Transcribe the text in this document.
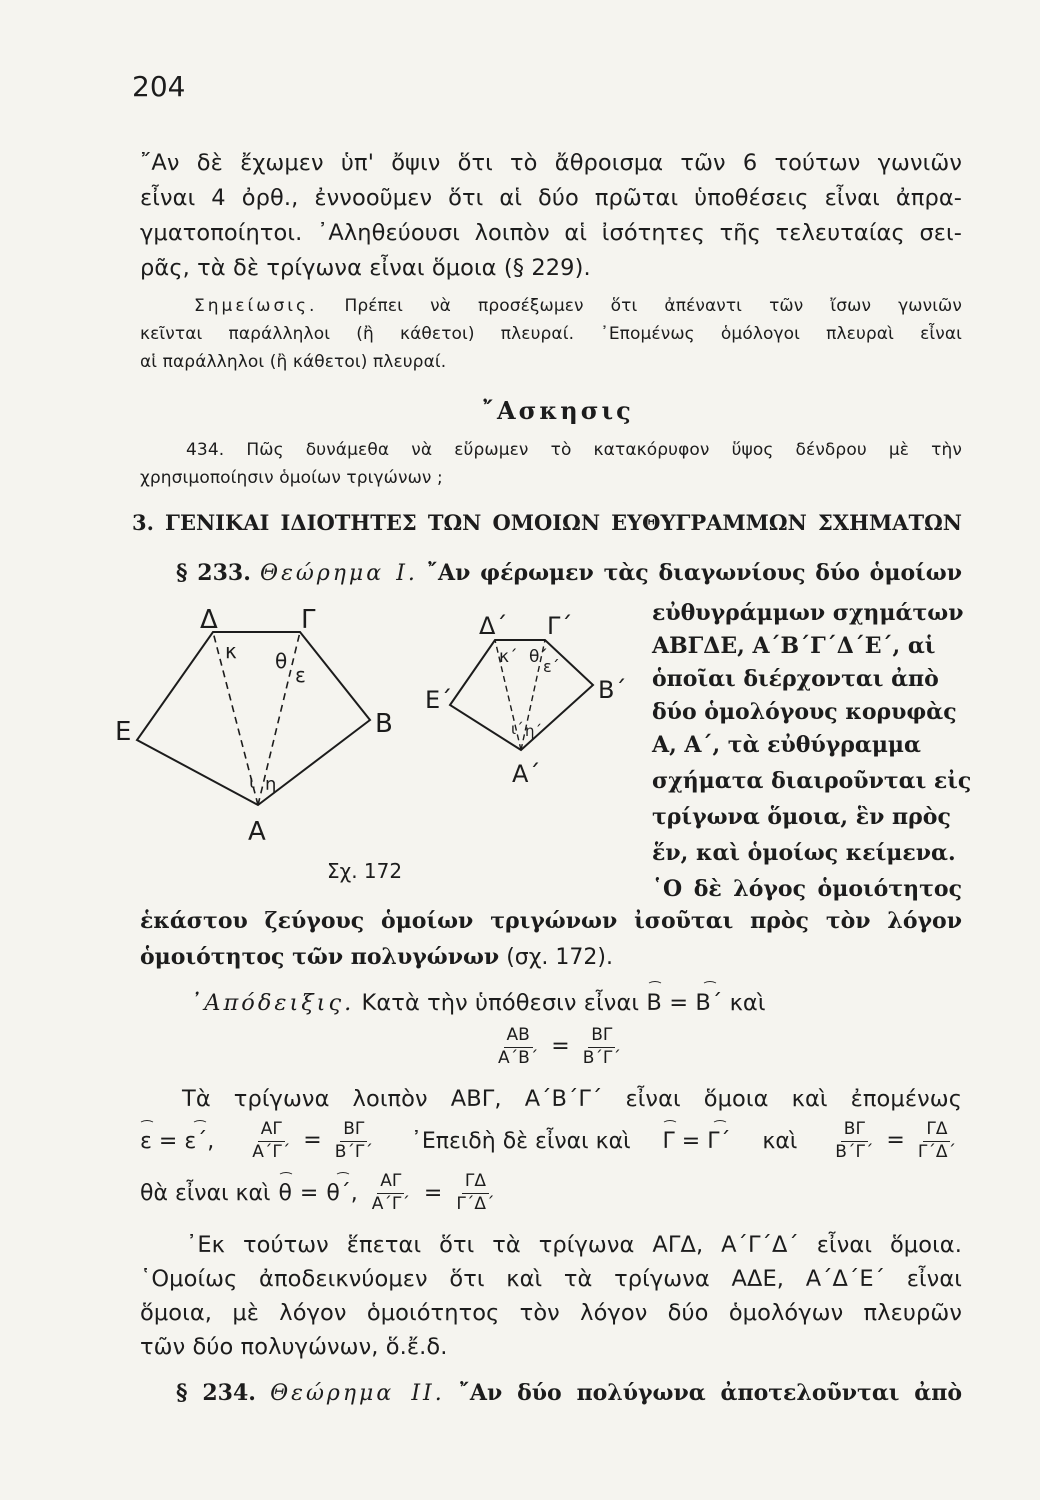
204
῎Αν δὲ ἔχωμεν ὑπ' ὄψιν ὅτι τὸ ἄθροισμα τῶν 6 τούτων γωνιῶν
εἶναι 4 ὀρθ., ἐννοοῦμεν ὅτι αἱ δύο πρῶται ὑποθέσεις εἶναι ἀπρα-
γματοποίητοι. ᾿Αληθεύουσι λοιπὸν αἱ ἰσότητες τῆς τελευταίας σει-
ρᾶς, τὰ δὲ τρίγωνα εἶναι ὅμοια (§ 229).
Σημείωσις. Πρέπει νὰ προσέξωμεν ὅτι ἀπέναντι τῶν ἴσων γωνιῶν
κεῖνται παράλληλοι (ἢ κάθετοι) πλευραί. ᾿Επομένως ὁμόλογοι πλευραὶ εἶναι
αἱ παράλληλοι (ἢ κάθετοι) πλευραί.
῎Ασκησις
434. Πῶς δυνάμεθα νὰ εὕρωμεν τὸ κατακόρυφον ὕψος δένδρου μὲ τὴν
χρησιμοποίησιν ὁμοίων τριγώνων ;
3. ΓΕΝΙΚΑΙ ΙΔΙΟΤΗΤΕΣ ΤΩΝ ΟΜΟΙΩΝ ΕΥΘΥΓΡΑΜΜΩΝ ΣΧΗΜΑΤΩΝ
§ 233. Θεώρημα Ι. ῎Αν φέρωμεν τὰς διαγωνίους δύο ὁμοίων
εὐθυγράμμων σχημάτων
ΑΒΓΔΕ, Α΄Β΄Γ΄Δ΄Ε΄, αἱ
ὁποῖαι διέρχονται ἀπὸ
δύο ὁμολόγους κορυφὰς
Α, Α΄, τὰ εὐθύγραμμα
σχήματα διαιροῦνται εἰς
τρίγωνα ὅμοια, ἓν πρὸς
ἕν, καὶ ὁμοίως κείμενα.
῾Ο δὲ λόγος ὁμοιότητος
Δ	Γ
Ε	Β
Α
κ θ
ε
ι η
Δ΄ Γ΄
Ε΄	Β΄
Α΄
κ΄ θ΄
ε΄
ι΄ η΄
Σχ. 172
ἑκάστου ζεύγους ὁμοίων τριγώνων ἰσοῦται πρὸς τὸν λόγον
ὁμοιότητος τῶν πολυγώνων (σχ. 172).
᾿Απόδειξις. Κατὰ τὴν ὑπόθεσιν εἶναι Β = Β΄ καὶ
$\frac{AB}{A΄B΄} = \frac{B\Gamma}{B΄\Gamma΄}$
Τὰ τρίγωνα λοιπὸν ΑΒΓ, Α΄Β΄Γ΄ εἶναι ὅμοια καὶ ἐπομένως
ε = ε΄, $\frac{A\Gamma}{A΄\Gamma΄} = \frac{B\Gamma}{B΄\Gamma΄}$ ᾿Επειδὴ δὲ εἶναι καὶ Γ = Γ΄ καὶ $\frac{B\Gamma}{B΄\Gamma΄} = \frac{\Gamma\Delta}{\Gamma΄\Delta΄}$
θὰ εἶναι καὶ θ = θ΄, $\frac{A\Gamma}{A΄\Gamma΄} = \frac{\Gamma\Delta}{\Gamma΄\Delta΄}$
᾿Εκ τούτων ἕπεται ὅτι τὰ τρίγωνα ΑΓΔ, Α΄Γ΄Δ΄ εἶναι ὅμοια.
῾Ομοίως ἀποδεικνύομεν ὅτι καὶ τὰ τρίγωνα ΑΔΕ, Α΄Δ΄Ε΄ εἶναι
ὅμοια, μὲ λόγον ὁμοιότητος τὸν λόγον δύο ὁμολόγων πλευρῶν
τῶν δύο πολυγώνων, ὅ.ἔ.δ.
§ 234. Θεώρημα ΙΙ. ῎Αν δύο πολύγωνα ἀποτελοῦνται ἀπὸ
